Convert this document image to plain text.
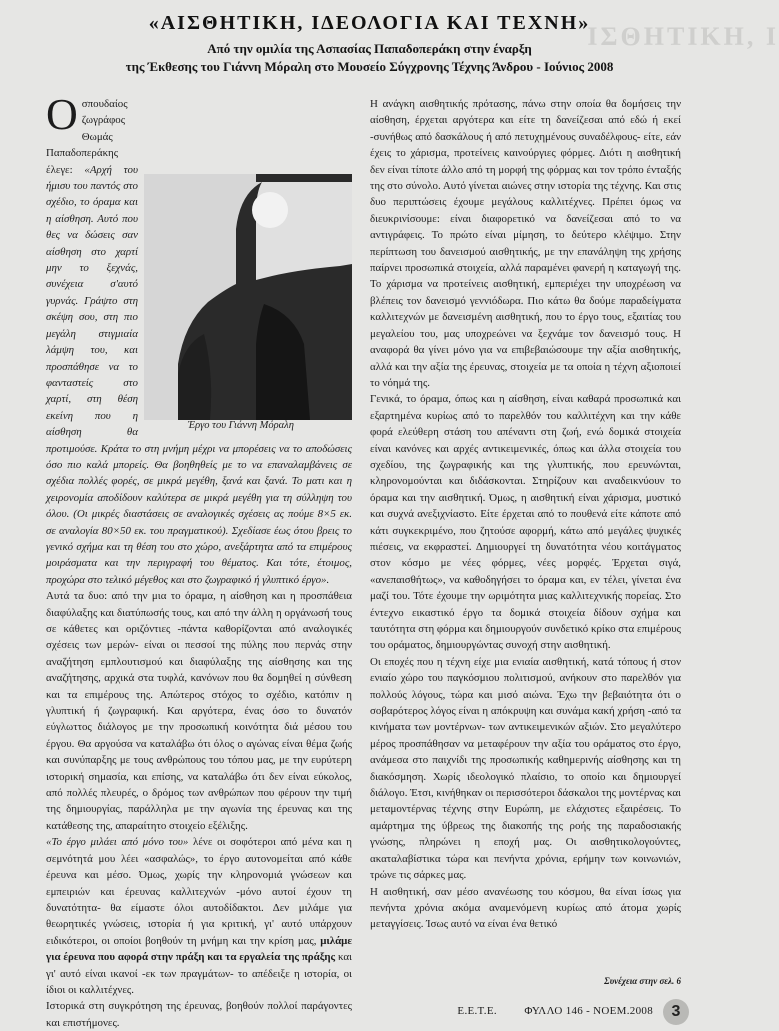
ΙΣΘΗΤΙΚΗ, Ι
«ΑΙΣΘΗΤΙΚΗ, ΙΔΕΟΛΟΓΙΑ ΚΑΙ ΤΕΧΝΗ»
Από την ομιλία της Ασπασίας Παπαδοπεράκη στην έναρξη
της Έκθεσης του Γιάννη Μόραλη στο Μουσείο Σύγχρονης Τέχνης Άνδρου - Ιούνιος 2008
Έργο του Γιάννη Μόραλη

Οσπουδαίος ζωγράφος Θωμάς Παπαδοπεράκης έλεγε: «Αρχή του ήμισυ του παντός στο σχέδιο, το όραμα και η αίσθηση. Αυτό που θες να δώσεις σαν αίσθηση στο χαρτί μην το ξεχνάς, συνέχεια σ'αυτό γυρνάς. Γράψτο στη σκέψη σου, στη πιο μεγάλη στιγμιαία λάμψη του, και προσπάθησε να το φανταστείς στο χαρτί, στη θέση εκείνη που η αίσθηση θα προτιμούσε. Κράτα το στη μνήμη μέχρι να μπορέσεις να το αποδώσεις όσο πιο καλά μπορείς. Θα βοηθηθείς με το να επαναλαμβάνεις σε σχέδια πολλές φορές, σε μικρά μεγέθη, ξανά και ξανά. Το ματι και η χειρονομία αποδίδουν καλύτερα σε μικρά μεγέθη για τη σύλληψη του όλου. (Οι μικρές διαστάσεις σε αναλογικές σχέσεις ας πούμε 8×5 εκ. σε αναλογία 80×50 εκ. του πραγματικού). Σχεδίασε έως ότου βρεις το γενικό σχήμα και τη θέση του στο χώρο, ανεξάρτητα από τα επιμέρους μοιράσματα και την περιγραφή του θέματος. Και τότε, έτοιμος, προχώρα στο τελικό μέγεθος και στο ζωγραφικό ή γλυπτικό έργο».

Αυτά τα δυο: από την μια το όραμα, η αίσθηση και η προσπάθεια διαφύλαξης και διατύπωσής τους, και από την άλλη η οργάνωσή τους σε κάθετες και οριζόντιες -πάντα καθορίζονται από αναλογικές σχέσεις των μερών- είναι οι πεσσοί της πύλης που περνάς στην αναζήτηση εμπλουτισμού και διαφύλαξης της αίσθησης και της αναζήτησης, αρχικά στα τυφλά, κανόνων που θα δομηθεί η σύνθεση και τα επιμέρους της. Απώτερος στόχος το σχέδιο, κατόπιν η γλυπτική ή ζωγραφική. Και αργότερα, ένας όσο το δυνατόν εύγλωττος διάλογος με την προσωπική κοινότητα διά μέσου του έργου. Θα αργούσα να καταλάβω ότι όλος ο αγώνας είναι θέμα ζωής και συνύπαρξης με τους ανθρώπους του τόπου μας, με την ευρύτερη ιστορική σημασία, και επίσης, να καταλάβω ότι δεν είναι εύκολος, από πολλές πλευρές, ο δρόμος των ανθρώπων που φέρουν την τιμή της δημιουργίας, παράλληλα με την αγωνία της έρευνας και της κατάθεσης της, απαραίτητο στοιχείο εξέλιξης.

«Το έργο μιλάει από μόνο του» λένε οι σοφότεροι από μένα και η σεμνότητά μου λέει «ασφαλώς», το έργο αυτονομείται από κάθε έρευνα και μέσο. Όμως, χωρίς την κληρονομιά γνώσεων και εμπειριών και έρευνας καλλιτεχνών -μόνο αυτοί έχουν τη δυνατότητα- θα είμαστε όλοι αυτοδίδακτοι. Δεν μιλάμε για θεωρητικές γνώσεις, ιστορία ή για κριτική, γι' αυτό υπάρχουν ειδικότεροι, οι οποίοι βοηθούν τη μνήμη και την κρίση μας, μιλάμε για έρευνα που αφορά στην πράξη και τα εργαλεία της πράξης και γι' αυτό είναι ικανοί -εκ των πραγμάτων- το απέδειξε η ιστορία, οι ίδιοι οι καλλιτέχνες.

Ιστορικά στη συγκρότηση της έρευνας, βοηθούν πολλοί παράγοντες και επιστήμονες.

Η ανάγκη αισθητικής πρότασης, πάνω στην οποία θα δομήσεις την αίσθηση, έρχεται αργότερα και είτε τη δανείζεσαι από εδώ ή εκεί -συνήθως από δασκάλους ή από πετυχημένους συναδέλφους- είτε, εάν έχεις το χάρισμα, προτείνεις καινούργιες φόρμες. Διότι η αισθητική δεν είναι τίποτε άλλο από τη μορφή της φόρμας και τον τρόπο ένταξής της στο σύνολο. Αυτό γίνεται αιώνες στην ιστορία της τέχνης. Και στις δυο περιπτώσεις έχουμε μεγάλους καλλιτέχνες. Πρέπει όμως να διευκρινίσουμε: είναι διαφορετικό να δανείζεσαι από το να αντιγράφεις. Το πρώτο είναι μίμηση, το δεύτερο κλέψιμο. Στην περίπτωση του δανεισμού αισθητικής, με την επανάληψη της χρήσης παίρνει προσωπικά στοιχεία, αλλά παραμένει φανερή η καταγωγή της. Το χάρισμα να προτείνεις αισθητική, εμπεριέχει την υποχρέωση να βλέπεις τον δανεισμό γεννιόδωρα. Πιο κάτω θα δούμε παραδείγματα καλλιτεχνών με δανεισμένη αισθητική, που το έργο τους, εξαιτίας του μεγαλείου του, μας υποχρεώνει να ξεχνάμε τον δανεισμό τους. Η αναφορά θα γίνει μόνο για να επιβεβαιώσουμε την αξία αισθητικής, αλλά και την αξία της έρευνας, στοιχεία με τα οποία η τέχνη αξιοποιεί το νόημά της.

Γενικά, το όραμα, όπως και η αίσθηση, είναι καθαρά προσωπικά και εξαρτημένα κυρίως από το παρελθόν του καλλιτέχνη και την κάθε φορά ελεύθερη στάση του απέναντι στη ζωή, ενώ δομικά στοιχεία είναι κανόνες και αρχές αντικειμενικές, όπως και άλλα στοιχεία του σχεδίου, της ζωγραφικής και της γλυπτικής, που ερευνώνται, κληρονομούνται και διδάσκονται. Στηρίζουν και αναδεικνύουν το όραμα και την αισθητική. Όμως, η αισθητική είναι χάρισμα, μυστικό και συχνά ανεξιχνίαστο. Είτε έρχεται από το πουθενά είτε κάποτε από κάτι συγκεκριμένο, που ζητούσε αφορμή, κάτω από μεγάλες ψυχικές πιέσεις, να εκφραστεί. Δημιουργεί τη δυνατότητα νέου κοιτάγματος στον κόσμο με νέες φόρμες, νέες μορφές. Έρχεται σιγά, «ανεπαισθήτως», να καθοδηγήσει το όραμα και, εν τέλει, γίνεται ένα μαζί του. Τότε έχουμε την ωριμότητα μιας καλλιτεχνικής πορείας. Στο έντεχνο εικαστικό έργο τα δομικά στοιχεία δίδουν σχήμα και ταυτότητα στη φόρμα και δημιουργούν συνδετικό κρίκο στα επιμέρους του οράματος, δημιουργώντας συνοχή στην αισθητική.

Οι εποχές που η τέχνη είχε μια ενιαία αισθητική, κατά τόπους ή στον ενιαίο χώρο του παγκόσμιου πολιτισμού, ανήκουν στο παρελθόν για πολλούς λόγους, τώρα και μισό αιώνα. Έχω την βεβαιότητα ότι ο σοβαρότερος λόγος είναι η απόκρυψη και συνάμα κακή χρήση -από τα κινήματα των μοντέρνων- των αντικειμενικών αξιών. Στο μεγαλύτερο μέρος προσπάθησαν να μεταφέρουν την αξία του οράματος στο έργο, ανάμεσα στο παιχνίδι της προσωπικής καθημερινής αίσθησης και τη διακόσμηση. Χωρίς ιδεολογικό πλαίσιο, το οποίο και δημιουργεί διάλογο. Έτσι, κινήθηκαν οι περισσότεροι δάσκαλοι της μοντέρνας και μεταμοντέρνας τέχνης στην Ευρώπη, με ελάχιστες εξαιρέσεις. Το αμάρτημα της ύβρεως της διακοπής της ροής της παραδοσιακής γνώσης, πληρώνει η εποχή μας. Οι αισθητικολογούντες, ακαταλαβίστικα τώρα και πενήντα χρόνια, ερήμην των κοινωνιών, τρώνε τις σάρκες μας.

Η αισθητική, σαν μέσο ανανέωσης του κόσμου, θα είναι ίσως για πενήντα χρόνια ακόμα αναμενόμενη κυρίως από άτομα χωρίς μεταγγίσεις. Ίσως αυτό να είναι ένα θετικό

Συνέχεια στην σελ. 6
Ε.Ε.Τ.Ε. ΦΥΛΛΟ 146 - ΝΟΕΜ.2008	3
